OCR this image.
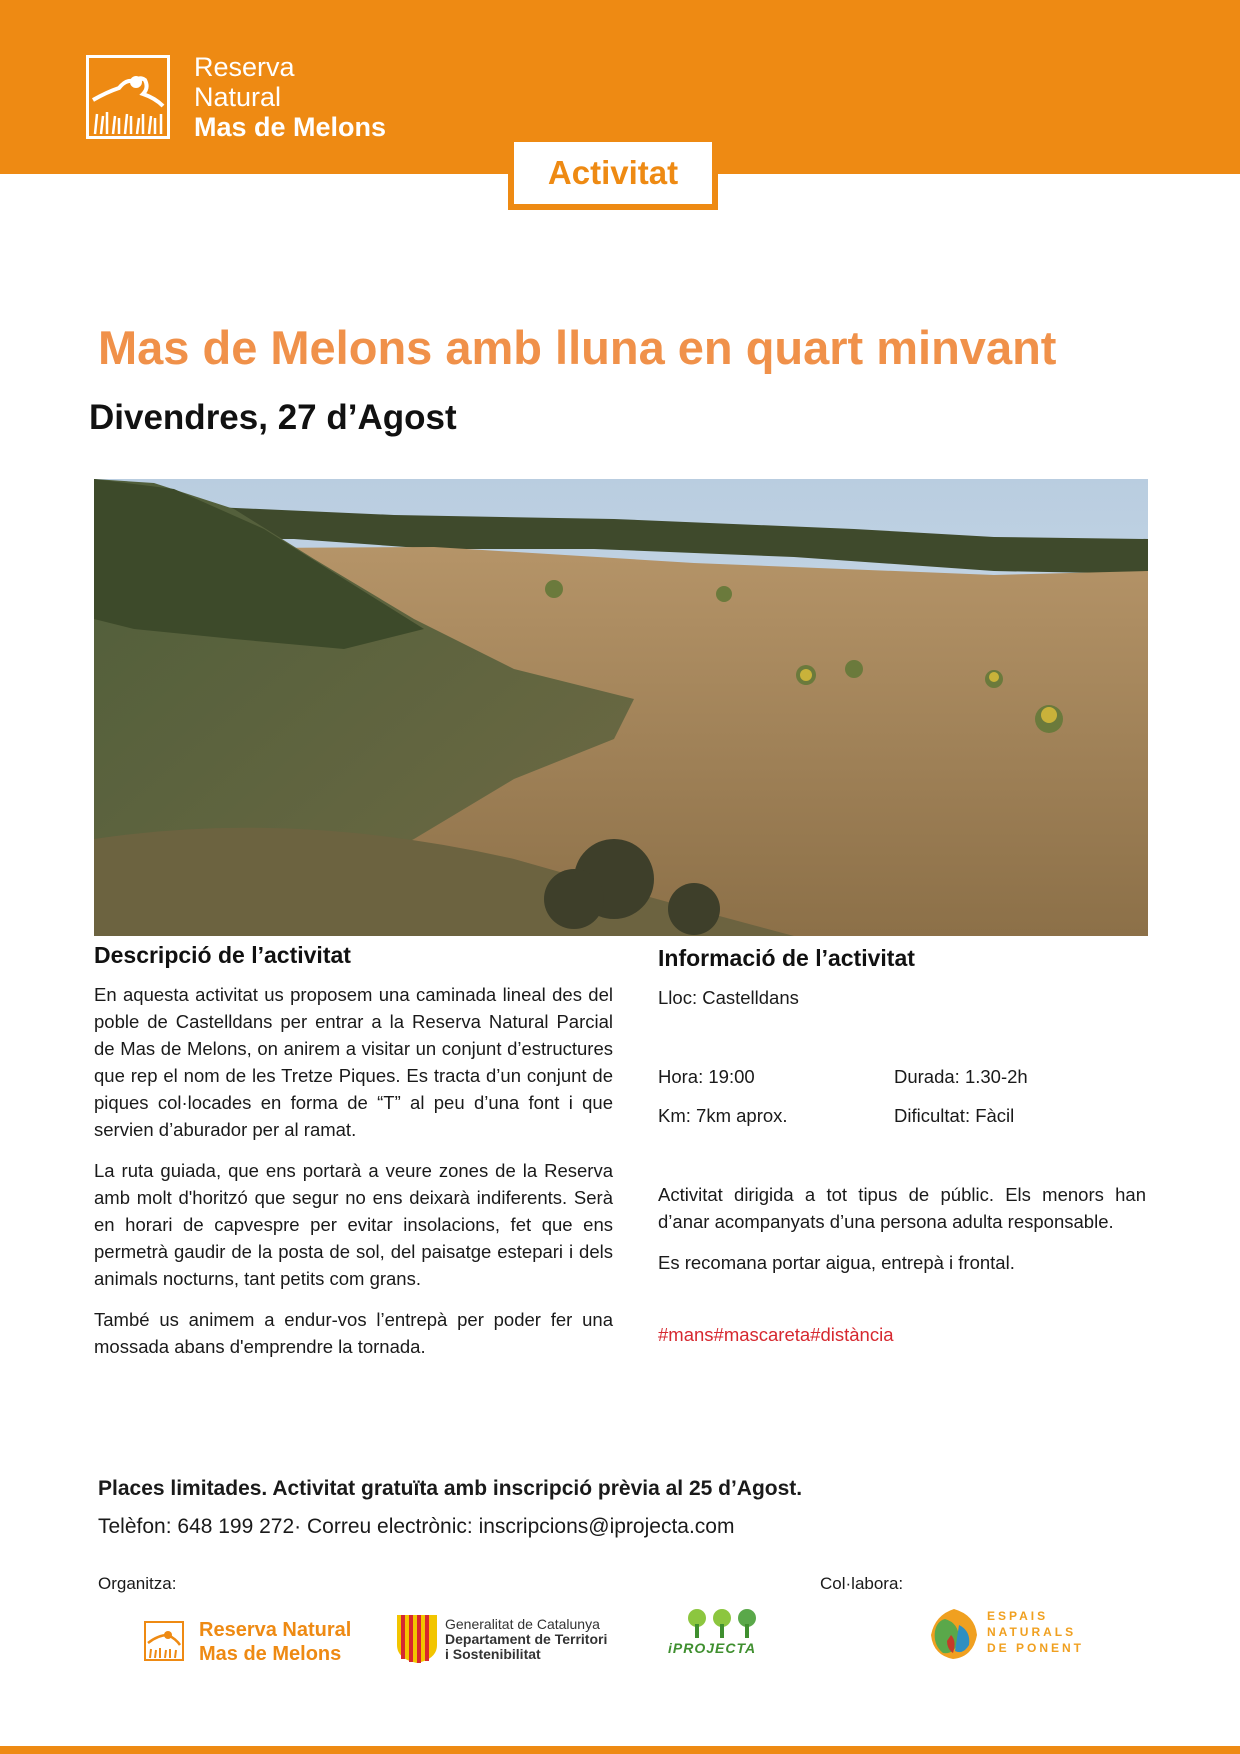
Reserva
Natural
Mas de Melons
Activitat
Mas de Melons amb lluna en quart minvant
Divendres, 27 d’Agost
Descripció de l’activitat

En aquesta activitat us proposem una caminada lineal des del poble de Castelldans per entrar a la Reserva Natural Parcial de Mas de Melons, on anirem a visitar un conjunt d’estructures que rep el nom de les Tretze Piques. Es tracta d’un conjunt de piques col·locades en forma de “T” al peu d’una font i que servien d’aburador per al ramat.

La ruta guiada, que ens portarà a veure zones de la Reserva amb molt d'horitzó que segur no ens deixarà indiferents. Serà en horari de capvespre per evitar insolacions, fet que ens permetrà gaudir de la posta de sol, del paisatge estepari i dels animals nocturns, tant petits com grans.

També us animem a endur-vos l’entrepà per poder fer una mossada abans d'emprendre la tornada.

Informació de l’activitat
Lloc: Castelldans
Hora: 19:00	Durada: 1.30-2h
Km: 7km aprox.	Dificultat: Fàcil

Activitat dirigida a tot tipus de públic. Els menors han d’anar acompanyats d’una persona adulta responsable.

Es recomana portar aigua, entrepà i frontal.

#mans#mascareta#distància
Places limitades. Activitat gratuïta amb inscripció prèvia al 25 d’Agost.
Telèfon: 648 199 272· Correu electrònic: inscripcions@iprojecta.com
Organitza:	Col·labora:
Reserva Natural
Mas de Melons
Generalitat de Catalunya
Departament de Territori
i Sostenibilitat	iPROJECTA
ESPAIS
NATURALS
DE PONENT
